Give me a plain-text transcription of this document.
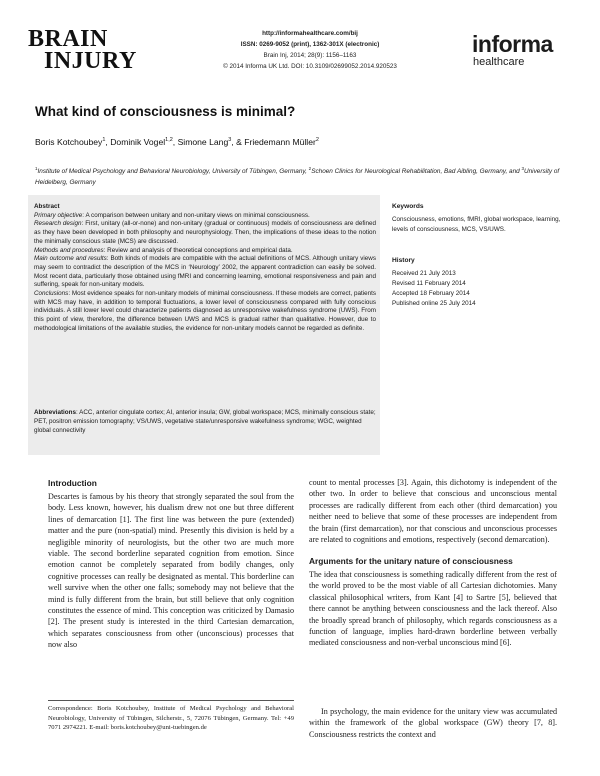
BRAIN
INJURY
http://informahealthcare.com/bij
ISSN: 0269-9052 (print), 1362-301X (electronic)
Brain Inj, 2014; 28(9): 1156–1163
© 2014 Informa UK Ltd. DOI: 10.3109/02699052.2014.920523
informa
healthcare
What kind of consciousness is minimal?
Boris Kotchoubey$^1$, Dominik Vogel$^{1,2}$, Simone Lang$^3$, & Friedemann Müller$^2$
$^1$Institute of Medical Psychology and Behavioral Neurobiology, University of Tübingen, Germany, $^2$Schoen Clinics for Neurological Rehabilitation, Bad Aibling, Germany, and $^3$University of Heidelberg, Germany

Abstract

Primary objective: A comparison between unitary and non-unitary views on minimal consciousness.

Research design: First, unitary (all-or-none) and non-unitary (gradual or continuous) models of consciousness are defined as they have been developed in both philosophy and neurophysiology. Then, the implications of these ideas to the notion the minimally conscious state (MCS) are discussed.

Methods and procedures: Review and analysis of theoretical conceptions and empirical data.

Main outcome and results: Both kinds of models are compatible with the actual definitions of MCS. Although unitary views may seem to contradict the description of the MCS in ‘Neurology’ 2002, the apparent contradiction can easily be solved. Most recent data, particularly those obtained using fMRI and concerning learning, emotional responsiveness and pain and suffering, speak for non-unitary models.

Conclusions: Most evidence speaks for non-unitary models of minimal consciousness. If these models are correct, patients with MCS may have, in addition to temporal fluctuations, a lower level of consciousness compared with fully conscious individuals. A still lower level could characterize patients diagnosed as unresponsive wakefulness syndrome (UWS). From this point of view, therefore, the difference between UWS and MCS is gradual rather than qualitative. However, due to methodological limitations of the available studies, the evidence for non-unitary models cannot be regarded as definite.

Abbreviations: ACC, anterior cingulate cortex; AI, anterior insula; GW, global workspace; MCS, minimally conscious state; PET, positron emission tomography; VS/UWS, vegetative state/unresponsive wakefulness syndrome; WGC, weighted global connectivity
Keywords
Consciousness, emotions, fMRI, global workspace, learning, levels of consciousness, MCS, VS/UWS.
History
Received 21 July 2013
Revised 11 February 2014
Accepted 18 February 2014
Published online 25 July 2014
Introduction
Descartes is famous by his theory that strongly separated the soul from the body. Less known, however, his dualism drew not one but three different lines of demarcation [1]. The first line was between the pure (extended) matter and the pure (non-spatial) mind. Presently this division is held by a negligible minority of neurologists, but the other two are much more viable. The second borderline separated cognition from emotion. Since emotion cannot be completely separated from bodily changes, only cognitive processes can really be designated as mental. This borderline can well survive when the other one falls; somebody may not believe that the mind is fully different from the brain, but still believe that only cognition constitutes the essence of mind. This conception was criticized by Damasio [2]. The present study is interested in the third Cartesian demarcation, which separates consciousness from other (unconscious) processes that now also
count to mental processes [3]. Again, this dichotomy is independent of the other two. In order to believe that conscious and unconscious mental processes are radically different from each other (third demarcation) you neither need to believe that some of these processes are independent from the brain (first demarcation), nor that conscious and unconscious processes are related to cognitions and emotions, respectively (second demarcation).
Arguments for the unitary nature of consciousness
The idea that consciousness is something radically different from the rest of the world proved to be the most viable of all Cartesian dichotomies. Many classical philosophical writers, from Kant [4] to Sartre [5], believed that there cannot be anything between consciousness and the lack thereof. Also the broadly spread branch of philosophy, which regards consciousness as a function of language, implies hard-drawn borderline between verbally mediated consciousness and non-verbal unconscious mind [6].
In psychology, the main evidence for the unitary view was accumulated within the framework of the global workspace (GW) theory [7, 8]. Consciousness restricts the context and
Correspondence: Boris Kotchoubey, Institute of Medical Psychology and Behavioral Neurobiology, University of Tübingen, Silcherstr., 5, 72076 Tübingen, Germany. Tel: +49 7071 2974221. E-mail: boris.kotchoubey@uni-tuebingen.de
